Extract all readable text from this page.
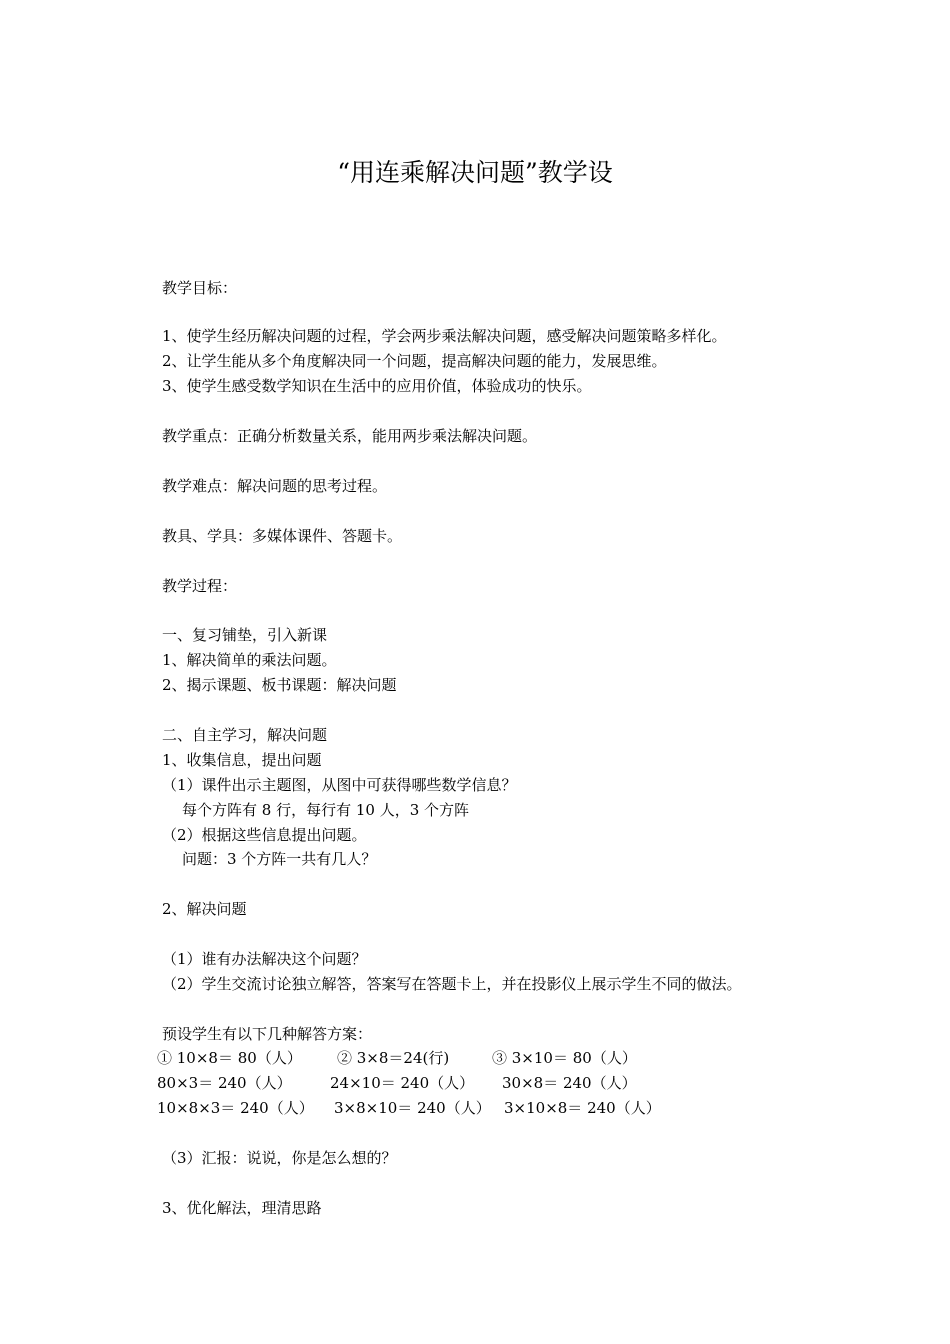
“用连乘解决问题”教学设
教学目标：
1、使学生经历解决问题的过程，学会两步乘法解决问题，感受解决问题策略多样化。
2、让学生能从多个角度解决同一个问题，提高解决问题的能力，发展思维。
3、使学生感受数学知识在生活中的应用价值，体验成功的快乐。
教学重点：正确分析数量关系，能用两步乘法解决问题。
教学难点：解决问题的思考过程。
教具、学具：多媒体课件、答题卡。
教学过程：
一、复习铺垫，引入新课
1、解决简单的乘法问题。
2、揭示课题、板书课题：解决问题
二、自主学习，解决问题
1、收集信息，提出问题
（1）课件出示主题图，从图中可获得哪些数学信息？
每个方阵有 8 行，每行有 10 人，3 个方阵
（2）根据这些信息提出问题。
问题：3 个方阵一共有几人？
2、解决问题
（1）谁有办法解决这个问题？
（2）学生交流讨论独立解答，答案写在答题卡上，并在投影仪上展示学生不同的做法。
预设学生有以下几种解答方案：
① 10×8＝ 80（人） ② 3×8＝24(行)	③ 3×10＝ 80（人）
80×3＝ 240（人）	24×10＝ 240（人） 30×8＝ 240（人）
10×8×3＝ 240（人） 3×8×10＝ 240（人） 3×10×8＝ 240（人）
（3）汇报：说说，你是怎么想的？
3、优化解法，理清思路
